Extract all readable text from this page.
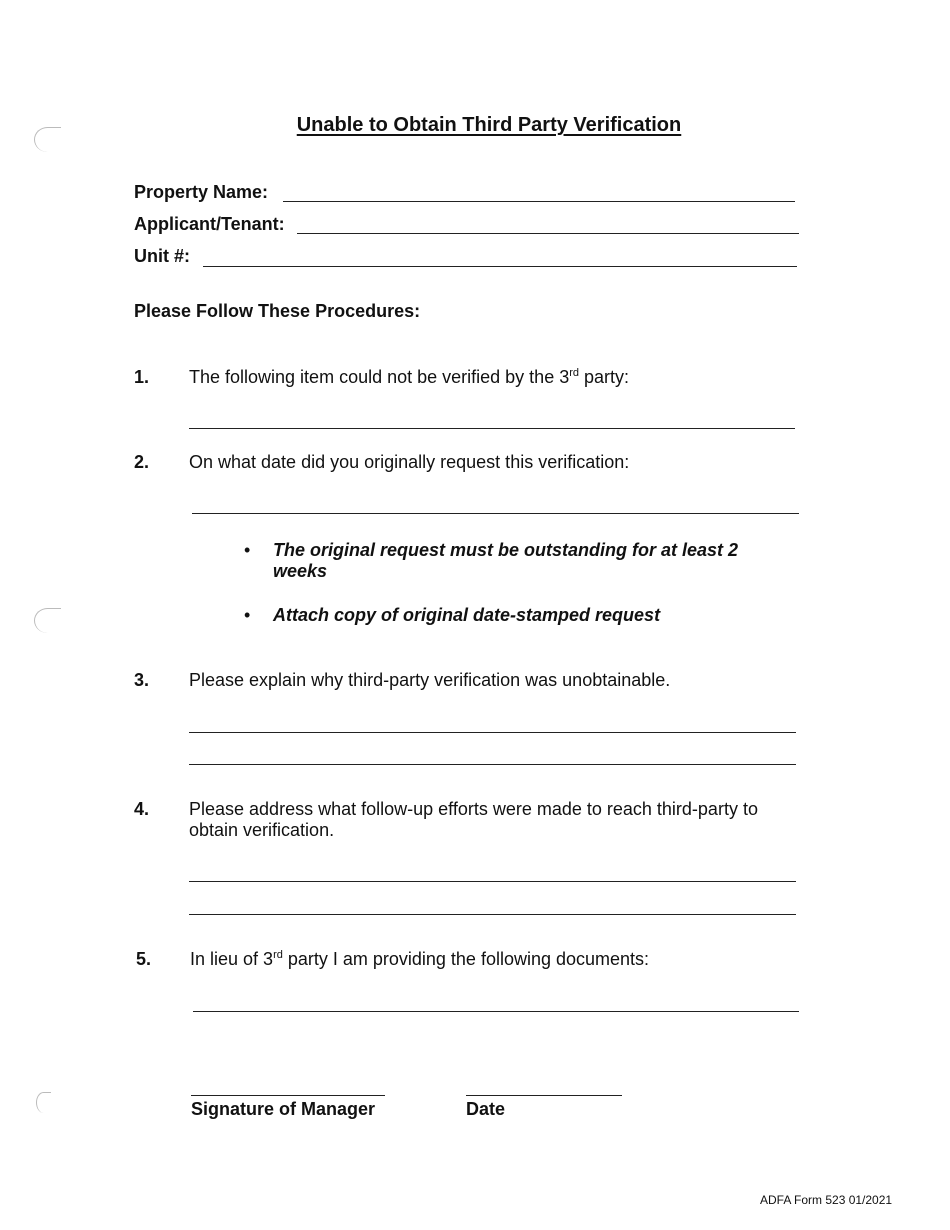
Unable to Obtain Third Party Verification
Property Name:
Applicant/Tenant:
Unit #:
Please Follow These Procedures:
1. The following item could not be verified by the 3rd party:
2. On what date did you originally request this verification:
• The original request must be outstanding for at least 2 weeks
• Attach copy of original date-stamped request
3. Please explain why third-party verification was unobtainable.
4. Please address what follow-up efforts were made to reach third-party to obtain verification.
5. In lieu of 3rd party I am providing the following documents:
Signature of Manager	Date
ADFA Form 523 01/2021
